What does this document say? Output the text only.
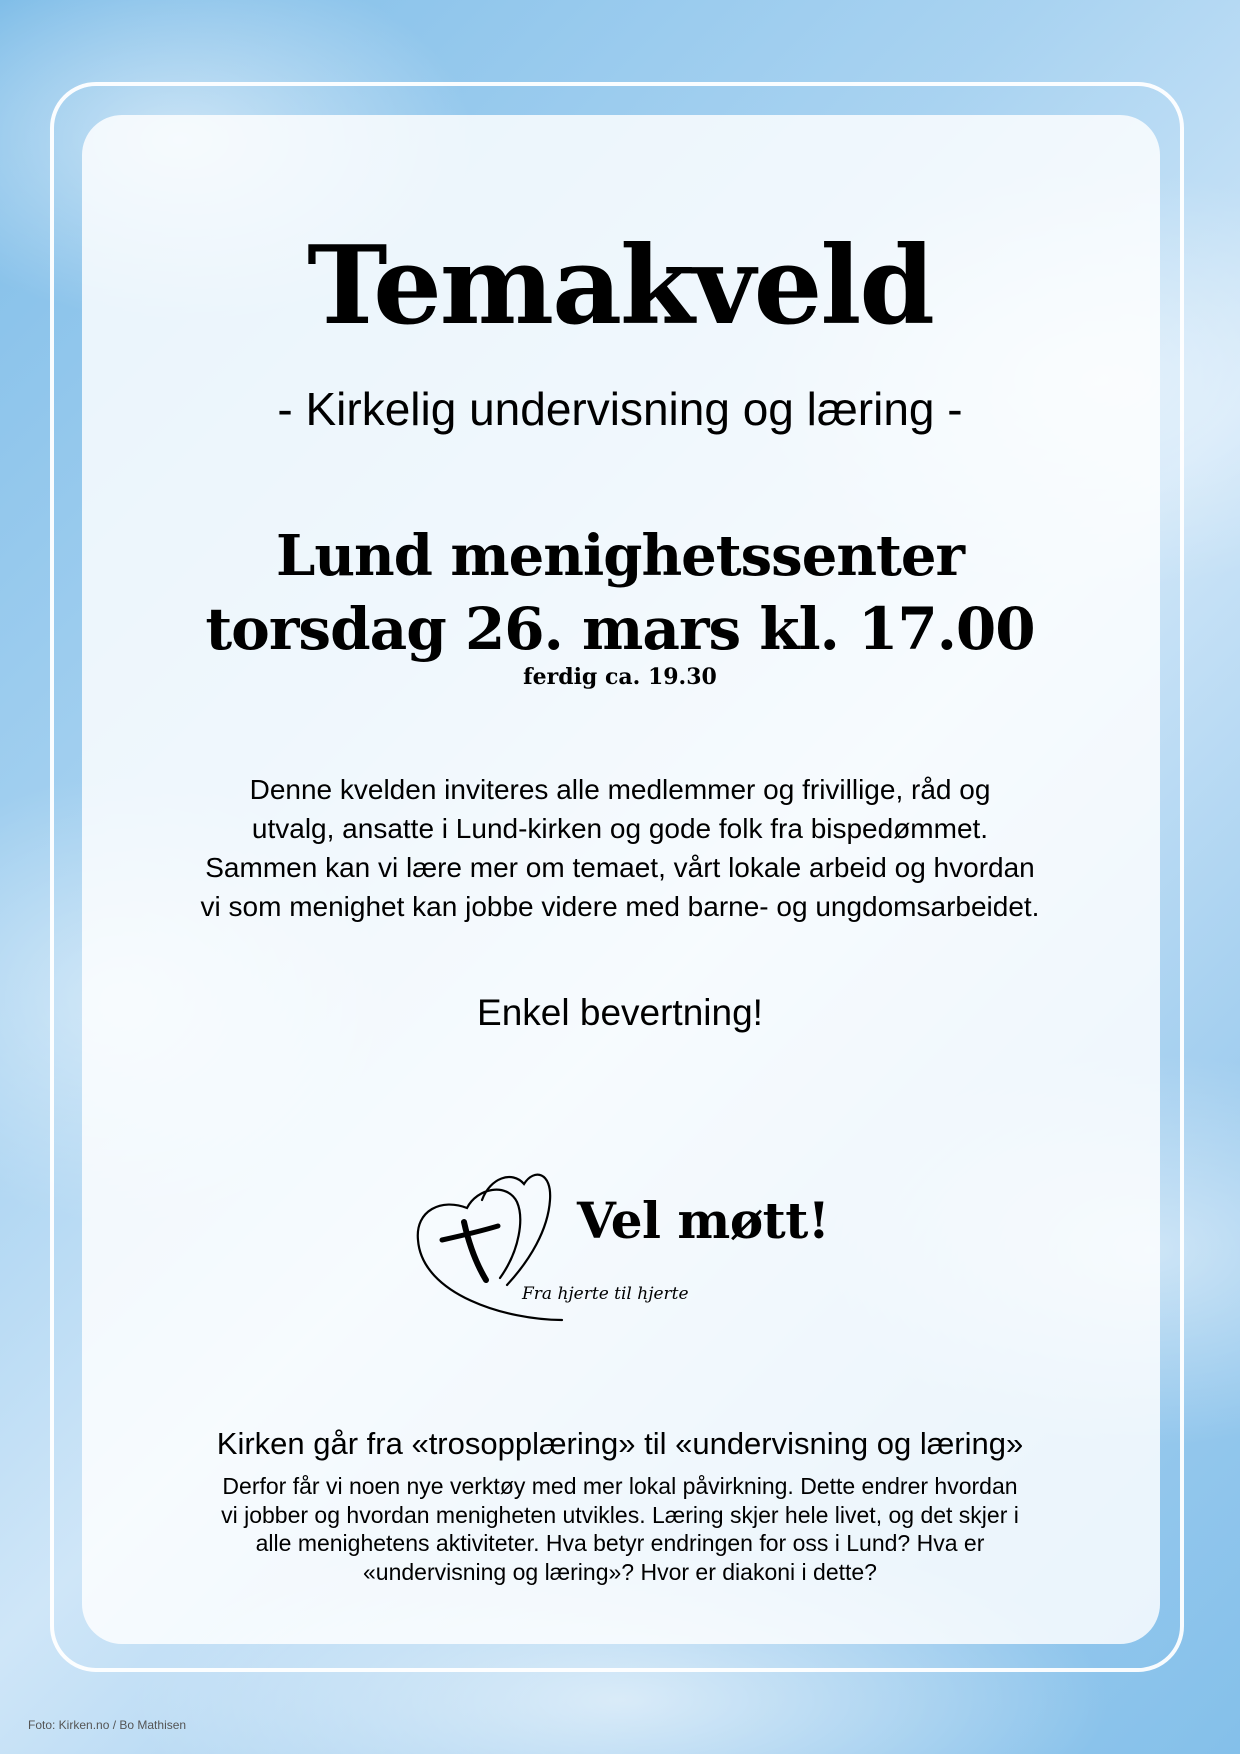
Temakveld
- Kirkelig undervisning og læring -
Lund menighetssenter
torsdag 26. mars kl. 17.00
ferdig ca. 19.30
Denne kvelden inviteres alle medlemmer og frivillige, råd og
utvalg, ansatte i Lund-kirken og gode folk fra bispedømmet.
Sammen kan vi lære mer om temaet, vårt lokale arbeid og hvordan
vi som menighet kan jobbe videre med barne- og ungdomsarbeidet.
Enkel bevertning!
Vel møtt!
Fra hjerte til hjerte
Kirken går fra «trosopplæring» til «undervisning og læring»
Derfor får vi noen nye verktøy med mer lokal påvirkning. Dette endrer hvordan
vi jobber og hvordan menigheten utvikles. Læring skjer hele livet, og det skjer i
alle menighetens aktiviteter. Hva betyr endringen for oss i Lund? Hva er
«undervisning og læring»? Hvor er diakoni i dette?
Foto: Kirken.no / Bo Mathisen
